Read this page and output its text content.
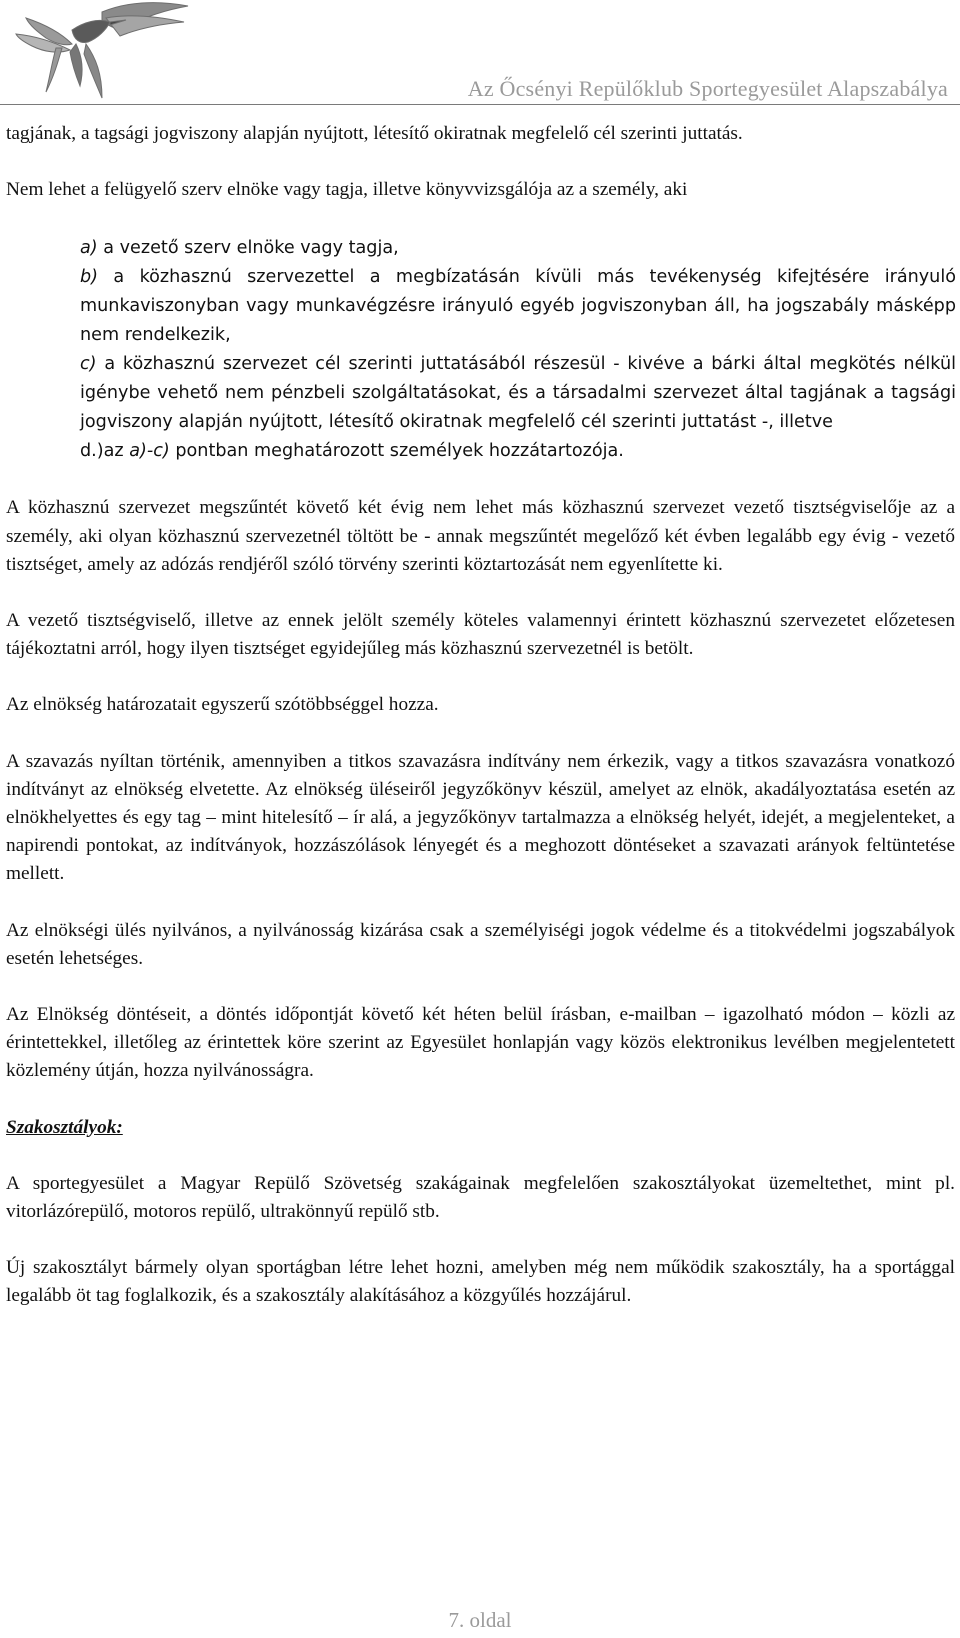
Az Őcsényi Repülőklub Sportegyesület Alapszabálya

tagjának, a tagsági jogviszony alapján nyújtott, létesítő okiratnak megfelelő cél szerinti juttatás.

Nem lehet a felügyelő szerv elnöke vagy tagja, illetve könyvvizsgálója az a személy, aki

a) a vezető szerv elnöke vagy tagja,

b) a közhasznú szervezettel a megbízatásán kívüli más tevékenység kifejtésére irányuló munkaviszonyban vagy munkavégzésre irányuló egyéb jogviszonyban áll, ha jogszabály másképp nem rendelkezik,

c) a közhasznú szervezet cél szerinti juttatásából részesül - kivéve a bárki által megkötés nélkül igénybe vehető nem pénzbeli szolgáltatásokat, és a társadalmi szervezet által tagjának a tagsági jogviszony alapján nyújtott, létesítő okiratnak megfelelő cél szerinti juttatást -, illetve

d.)az a)-c) pontban meghatározott személyek hozzátartozója.

A közhasznú szervezet megszűntét követő két évig nem lehet más közhasznú szervezet vezető tisztségviselője az a személy, aki olyan közhasznú szervezetnél töltött be - annak megszűntét megelőző két évben legalább egy évig - vezető tisztséget, amely az adózás rendjéről szóló törvény szerinti köztartozását nem egyenlítette ki.

A vezető tisztségviselő, illetve az ennek jelölt személy köteles valamennyi érintett közhasznú szervezetet előzetesen tájékoztatni arról, hogy ilyen tisztséget egyidejűleg más közhasznú szervezetnél is betölt.

Az elnökség határozatait egyszerű szótöbbséggel hozza.

A szavazás nyíltan történik, amennyiben a titkos szavazásra indítvány nem érkezik, vagy a titkos szavazásra vonatkozó indítványt az elnökség elvetette. Az elnökség üléseiről jegyzőkönyv készül, amelyet az elnök, akadályoztatása esetén az elnökhelyettes és egy tag – mint hitelesítő – ír alá, a jegyzőkönyv tartalmazza a elnökség helyét, idejét, a megjelenteket, a napirendi pontokat, az indítványok, hozzászólások lényegét és a meghozott döntéseket a szavazati arányok feltüntetése mellett.

Az elnökségi ülés nyilvános, a nyilvánosság kizárása csak a személyiségi jogok védelme és a titokvédelmi jogszabályok esetén lehetséges.

Az Elnökség döntéseit, a döntés időpontját követő két héten belül írásban, e-mailban – igazolható módon – közli az érintettekkel, illetőleg az érintettek köre szerint az Egyesület honlapján vagy közös elektronikus levélben megjelentetett közlemény útján, hozza nyilvánosságra.

Szakosztályok:

A sportegyesület a Magyar Repülő Szövetség szakágainak megfelelően szakosztályokat üzemeltethet, mint pl. vitorlázórepülő, motoros repülő, ultrakönnyű repülő stb.

Új szakosztályt bármely olyan sportágban létre lehet hozni, amelyben még nem működik szakosztály, ha a sportággal legalább öt tag foglalkozik, és a szakosztály alakításához a közgyűlés hozzájárul.

7. oldal
